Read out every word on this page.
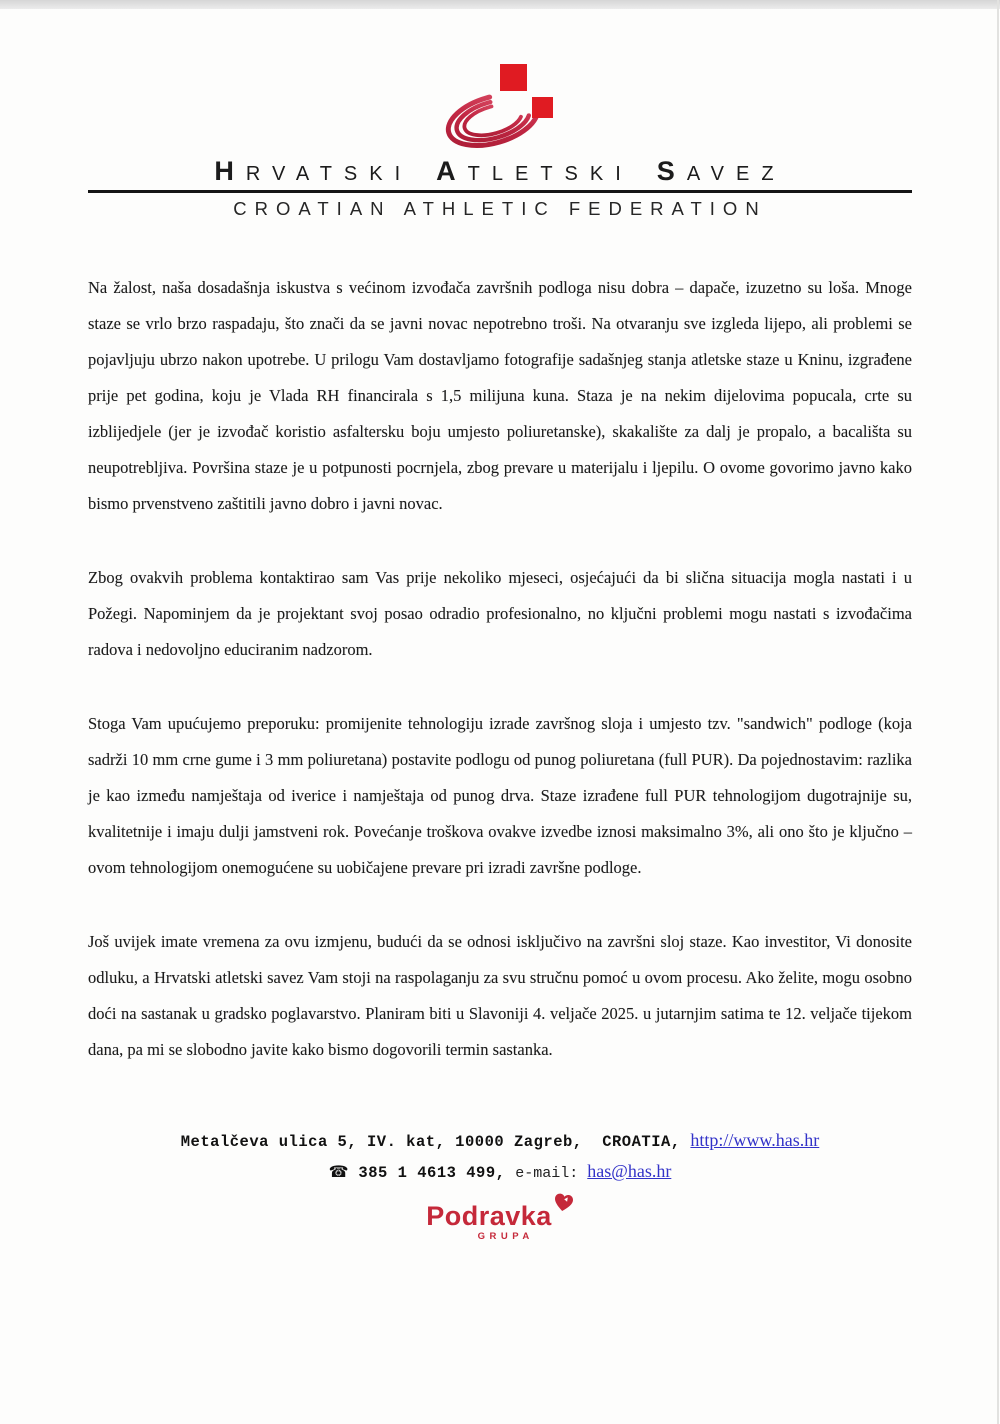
HRVATSKI ATLETSKI SAVEZ
CROATIAN ATHLETIC FEDERATION

Na žalost, naša dosadašnja iskustva s većinom izvođača završnih podloga nisu dobra – dapače, izuzetno su loša. Mnoge staze se vrlo brzo raspadaju, što znači da se javni novac nepotrebno troši. Na otvaranju sve izgleda lijepo, ali problemi se pojavljuju ubrzo nakon upotrebe. U prilogu Vam dostavljamo fotografije sadašnjeg stanja atletske staze u Kninu, izgrađene prije pet godina, koju je Vlada RH financirala s 1,5 milijuna kuna. Staza je na nekim dijelovima popucala, crte su izblijedjele (jer je izvođač koristio asfaltersku boju umjesto poliuretanske), skakalište za dalj je propalo, a bacališta su neupotrebljiva. Površina staze je u potpunosti pocrnjela, zbog prevare u materijalu i ljepilu. O ovome govorimo javno kako bismo prvenstveno zaštitili javno dobro i javni novac.

Zbog ovakvih problema kontaktirao sam Vas prije nekoliko mjeseci, osjećajući da bi slična situacija mogla nastati i u Požegi. Napominjem da je projektant svoj posao odradio profesionalno, no ključni problemi mogu nastati s izvođačima radova i nedovoljno educiranim nadzorom.

Stoga Vam upućujemo preporuku: promijenite tehnologiju izrade završnog sloja i umjesto tzv. "sandwich" podloge (koja sadrži 10 mm crne gume i 3 mm poliuretana) postavite podlogu od punog poliuretana (full PUR). Da pojednostavim: razlika je kao između namještaja od iverice i namještaja od punog drva. Staze izrađene full PUR tehnologijom dugotrajnije su, kvalitetnije i imaju dulji jamstveni rok. Povećanje troškova ovakve izvedbe iznosi maksimalno 3%, ali ono što je ključno – ovom tehnologijom onemogućene su uobičajene prevare pri izradi završne podloge.

Još uvijek imate vremena za ovu izmjenu, budući da se odnosi isključivo na završni sloj staze. Kao investitor, Vi donosite odluku, a Hrvatski atletski savez Vam stoji na raspolaganju za svu stručnu pomoć u ovom procesu. Ako želite, mogu osobno doći na sastanak u gradsko poglavarstvo. Planiram biti u Slavoniji 4. veljače 2025. u jutarnjim satima te 12. veljače tijekom dana, pa mi se slobodno javite kako bismo dogovorili termin sastanka.

Metalčeva ulica 5, IV. kat, 10000 Zagreb,  CROATIA, http://www.has.hr
☎ 385 1 4613 499, e-mail: has@has.hr
Podravka
GRUPA
